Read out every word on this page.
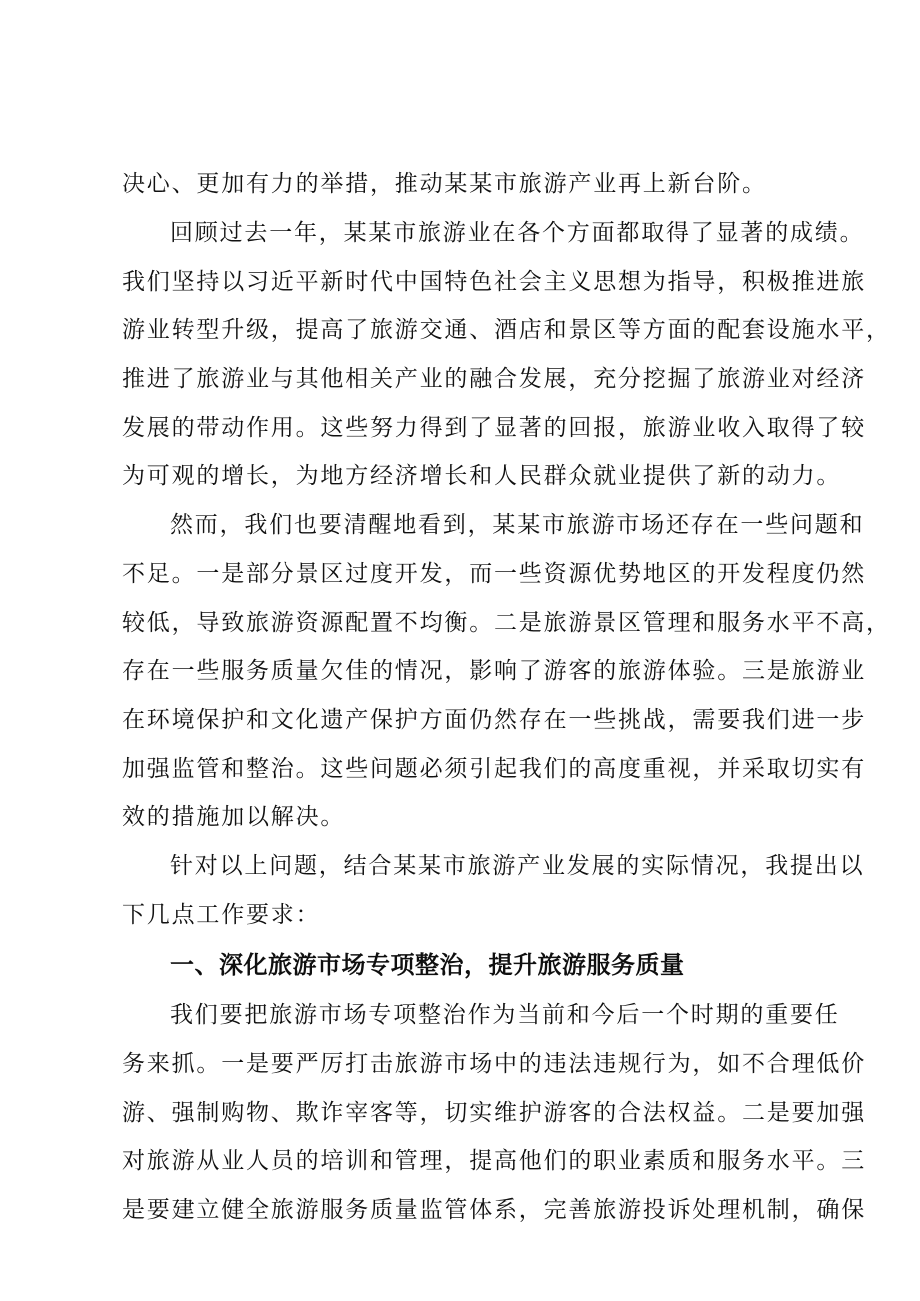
决心、更加有力的举措，推动某某市旅游产业再上新台阶。
回顾过去一年，某某市旅游业在各个方面都取得了显著的成绩。
我们坚持以习近平新时代中国特色社会主义思想为指导，积极推进旅
游业转型升级，提高了旅游交通、酒店和景区等方面的配套设施水平，
推进了旅游业与其他相关产业的融合发展，充分挖掘了旅游业对经济
发展的带动作用。这些努力得到了显著的回报，旅游业收入取得了较
为可观的增长，为地方经济增长和人民群众就业提供了新的动力。
然而，我们也要清醒地看到，某某市旅游市场还存在一些问题和
不足。一是部分景区过度开发，而一些资源优势地区的开发程度仍然
较低，导致旅游资源配置不均衡。二是旅游景区管理和服务水平不高，
存在一些服务质量欠佳的情况，影响了游客的旅游体验。三是旅游业
在环境保护和文化遗产保护方面仍然存在一些挑战，需要我们进一步
加强监管和整治。这些问题必须引起我们的高度重视，并采取切实有
效的措施加以解决。
针对以上问题，结合某某市旅游产业发展的实际情况，我提出以
下几点工作要求：
一、深化旅游市场专项整治，提升旅游服务质量
我们要把旅游市场专项整治作为当前和今后一个时期的重要任
务来抓。一是要严厉打击旅游市场中的违法违规行为，如不合理低价
游、强制购物、欺诈宰客等，切实维护游客的合法权益。二是要加强
对旅游从业人员的培训和管理，提高他们的职业素质和服务水平。三
是要建立健全旅游服务质量监管体系，完善旅游投诉处理机制，确保
